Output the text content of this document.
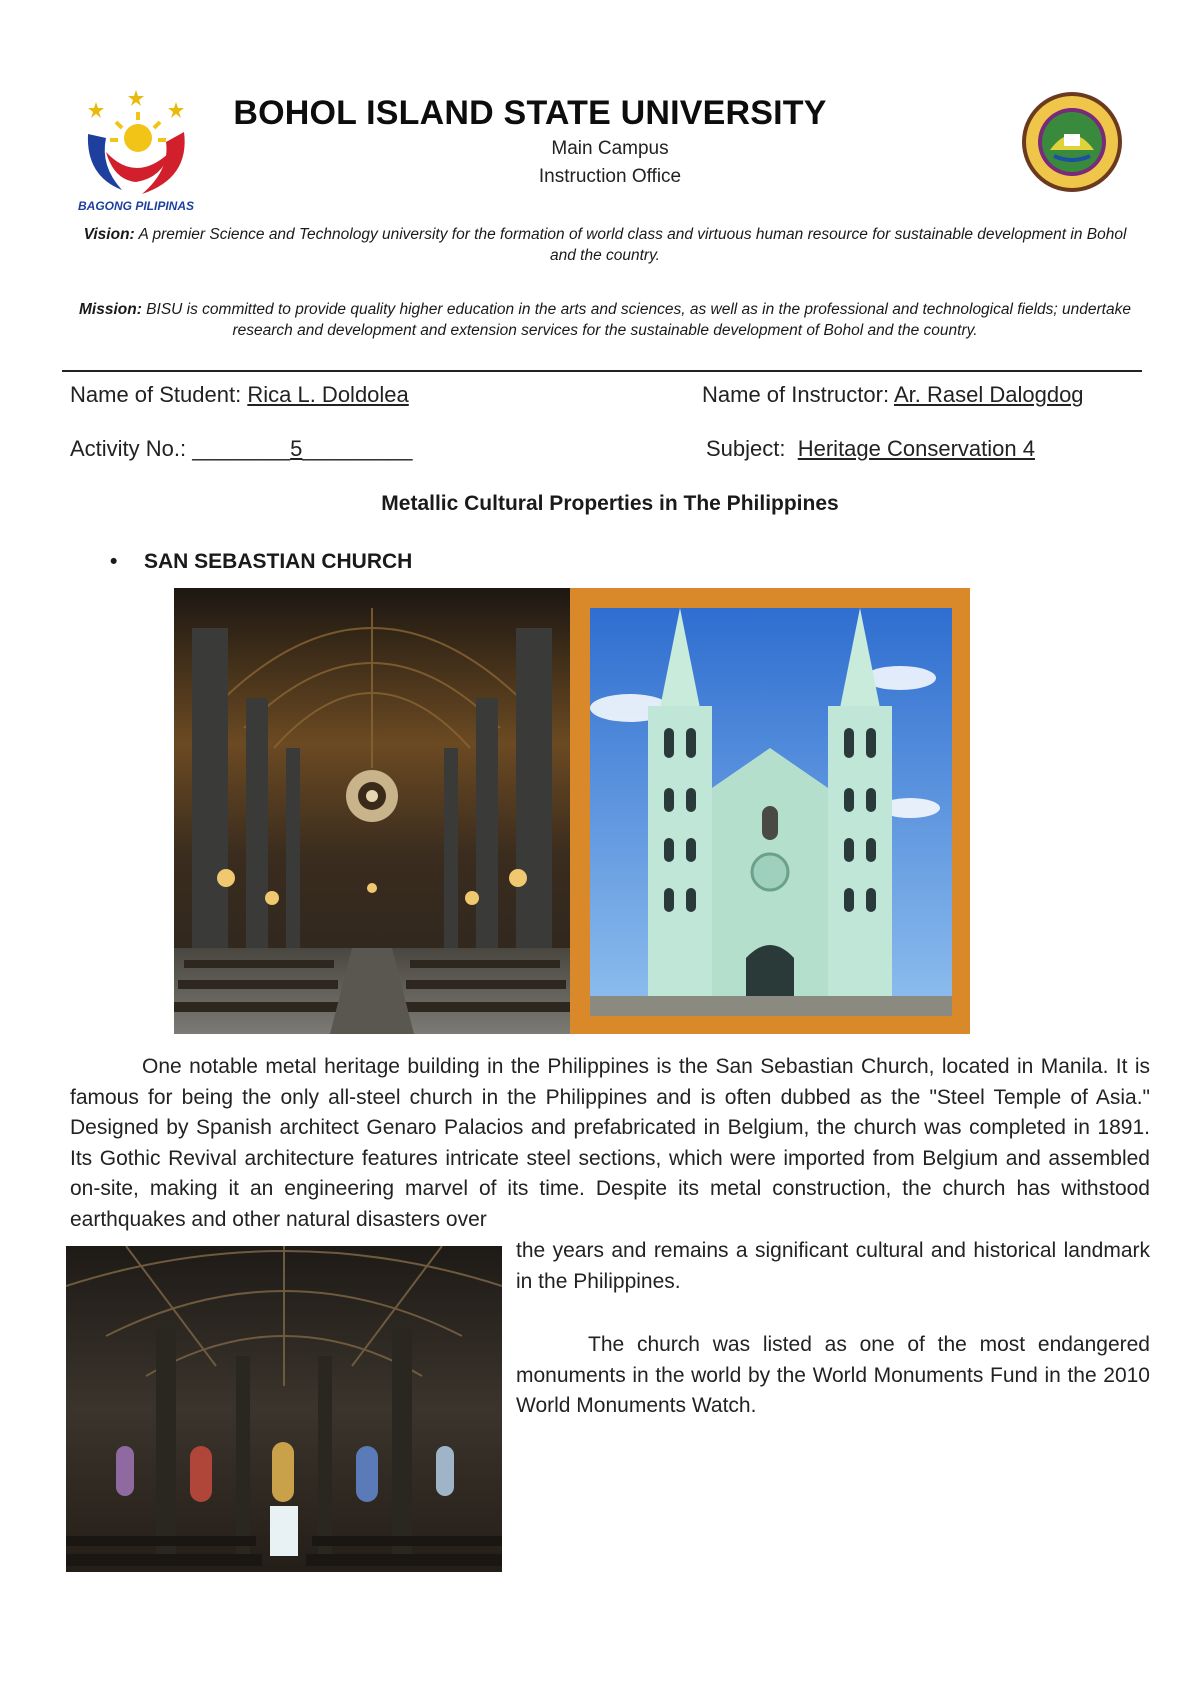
BAGONG PILIPINAS
BOHOL ISLAND STATE UNIVERSITY
Main Campus
Instruction Office
Vision: A premier Science and Technology university for the formation of world class and virtuous human resource for sustainable development in Bohol and the country.
Mission: BISU is committed to provide quality higher education in the arts and sciences, as well as in the professional and technological fields; undertake research and development and extension services for the sustainable development of Bohol and the country.
Name of Student: Rica L. Doldolea	Name of Instructor: Ar. Rasel Dalogdog
Activity No.: ________5_________	Subject: Heritage Conservation 4
Metallic Cultural Properties in The Philippines
• SAN SEBASTIAN CHURCH
One notable metal heritage building in the Philippines is the San Sebastian Church, located in Manila. It is famous for being the only all-steel church in the Philippines and is often dubbed as the "Steel Temple of Asia." Designed by Spanish architect Genaro Palacios and prefabricated in Belgium, the church was completed in 1891. Its Gothic Revival architecture features intricate steel sections, which were imported from Belgium and assembled on-site, making it an engineering marvel of its time. Despite its metal construction, the church has withstood earthquakes and other natural disasters over
the years and remains a significant cultural and historical landmark in the Philippines.
The church was listed as one of the most endangered monuments in the world by the World Monuments Fund in the 2010 World Monuments Watch.
